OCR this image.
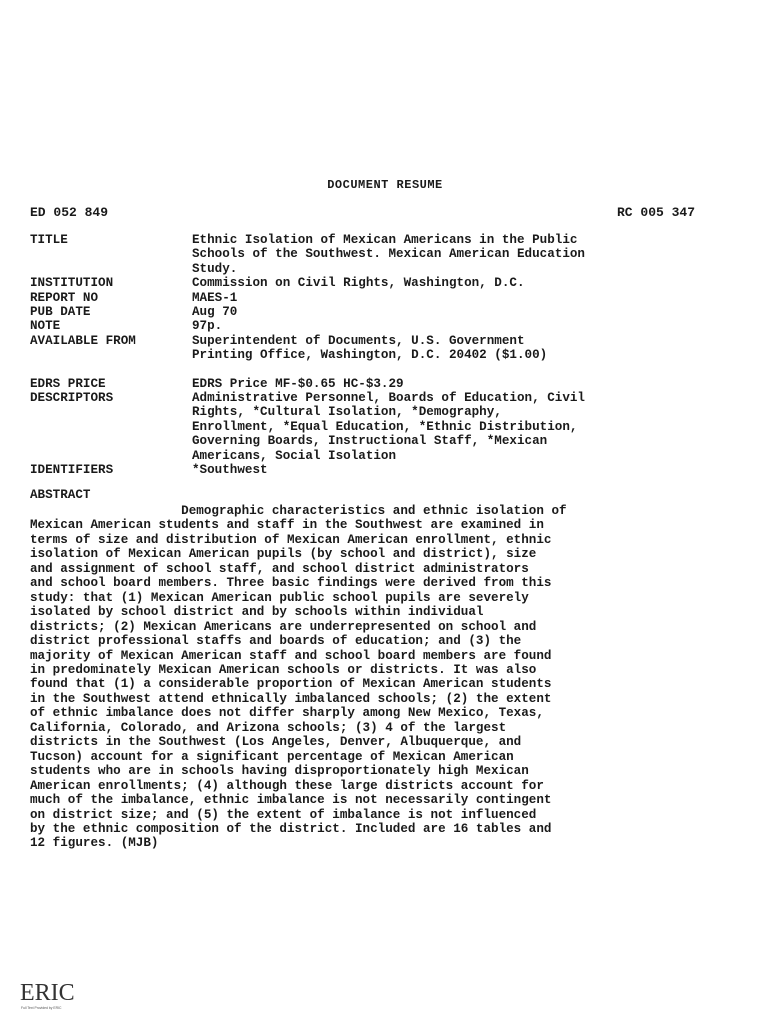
DOCUMENT RESUME
ED 052 849	RC 005 347
TITLE	Ethnic Isolation of Mexican Americans in the Public
Schools of the Southwest. Mexican American Education
Study.
INSTITUTION	Commission on Civil Rights, Washington, D.C.
REPORT NO	MAES-1
PUB DATE	Aug 70
NOTE	97p.
AVAILABLE FROM	Superintendent of Documents, U.S. Government
Printing Office, Washington, D.C. 20402 ($1.00)
EDRS PRICE	EDRS Price MF-$0.65 HC-$3.29
DESCRIPTORS	Administrative Personnel, Boards of Education, Civil
Rights, *Cultural Isolation, *Demography,
Enrollment, *Equal Education, *Ethnic Distribution,
Governing Boards, Instructional Staff, *Mexican
Americans, Social Isolation
IDENTIFIERS	*Southwest
ABSTRACT
Demographic characteristics and ethnic isolation of
Mexican American students and staff in the Southwest are examined in
terms of size and distribution of Mexican American enrollment, ethnic
isolation of Mexican American pupils (by school and district), size
and assignment of school staff, and school district administrators
and school board members. Three basic findings were derived from this
study: that (1) Mexican American public school pupils are severely
isolated by school district and by schools within individual
districts; (2) Mexican Americans are underrepresented on school and
district professional staffs and boards of education; and (3) the
majority of Mexican American staff and school board members are found
in predominately Mexican American schools or districts. It was also
found that (1) a considerable proportion of Mexican American students
in the Southwest attend ethnically imbalanced schools; (2) the extent
of ethnic imbalance does not differ sharply among New Mexico, Texas,
California, Colorado, and Arizona schools; (3) 4 of the largest
districts in the Southwest (Los Angeles, Denver, Albuquerque, and
Tucson) account for a significant percentage of Mexican American
students who are in schools having disproportionately high Mexican
American enrollments; (4) although these large districts account for
much of the imbalance, ethnic imbalance is not necessarily contingent
on district size; and (5) the extent of imbalance is not influenced
by the ethnic composition of the district. Included are 16 tables and
12 figures. (MJB)
ERIC
Full Text Provided by ERIC
